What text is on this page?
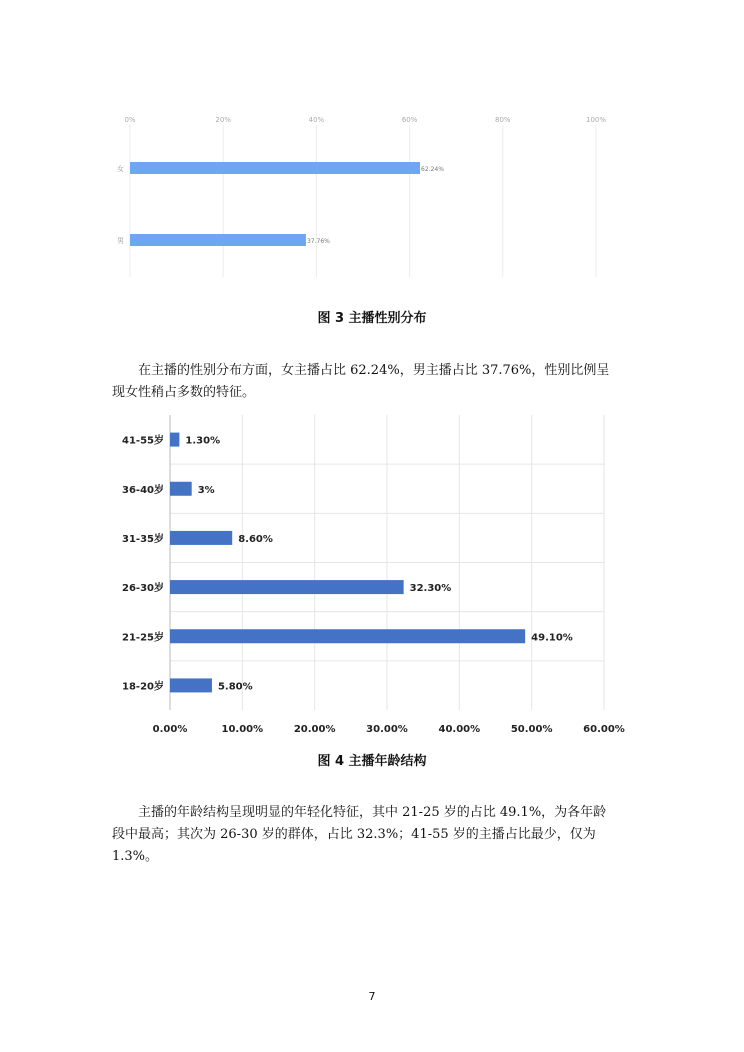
0%	20%	40%	60%	80%	100%
女	62.24%
男	37.76%
图 3 主播性别分布

在主播的性别分布方面，女主播占比 62.24%，男主播占比 37.76%，性别比例呈

现女性稍占多数的特征。

0.00%	10.00%	20.00%	30.00%	40.00%	50.00%	60.00%
41-55岁 1.30%
36-40岁	3%
31-35岁	8.60%
26-30岁	32.30%
21-25岁	49.10%
18-20岁	5.80%
图 4 主播年龄结构

主播的年龄结构呈现明显的年轻化特征，其中 21-25 岁的占比 49.1%，为各年龄

段中最高；其次为 26-30 岁的群体，占比 32.3%；41-55 岁的主播占比最少，仅为

1.3%。

7
